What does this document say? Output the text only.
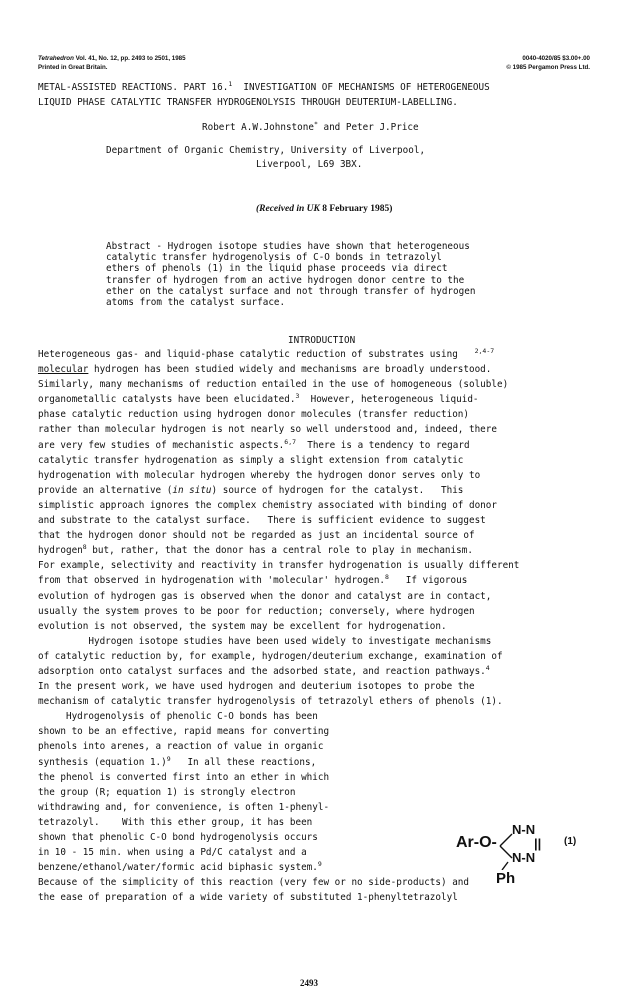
Tetrahedron Vol. 41, No. 12, pp. 2493 to 2501, 1985
Printed in Great Britain.
0040-4020/85 $3.00+.00
© 1985 Pergamon Press Ltd.
METAL-ASSISTED REACTIONS. PART 16.$^1$  INVESTIGATION OF MECHANISMS OF HETEROGENEOUS
LIQUID PHASE CATALYTIC TRANSFER HYDROGENOLYSIS THROUGH DEUTERIUM-LABELLING.
Robert A.W.Johnstone* and Peter J.Price
Department of Organic Chemistry, University of Liverpool,
Liverpool, L69 3BX.
(Received in UK 8 February 1985)
Abstract - Hydrogen isotope studies have shown that heterogeneous
catalytic transfer hydrogenolysis of C-O bonds in tetrazolyl
ethers of phenols (1) in the liquid phase proceeds via direct
transfer of hydrogen from an active hydrogen donor centre to the
ether on the catalyst surface and not through transfer of hydrogen
atoms from the catalyst surface.
INTRODUCTION
Heterogeneous gas- and liquid-phase catalytic reduction of substrates using	$^{2,4-7}$
molecular hydrogen has been studied widely and mechanisms are broadly understood.
Similarly, many mechanisms of reduction entailed in the use of homogeneous (soluble)
organometallic catalysts have been elucidated.$^3$  However, heterogeneous liquid-
phase catalytic reduction using hydrogen donor molecules (transfer reduction)
rather than molecular hydrogen is not nearly so well understood and, indeed, there
are very few studies of mechanistic aspects.$^{6,7}$  There is a tendency to regard
catalytic transfer hydrogenation as simply a slight extension from catalytic
hydrogenation with molecular hydrogen whereby the hydrogen donor serves only to
provide an alternative (in situ) source of hydrogen for the catalyst.   This
simplistic approach ignores the complex chemistry associated with binding of donor
and substrate to the catalyst surface.   There is sufficient evidence to suggest
that the hydrogen donor should not be regarded as just an incidental source of
hydrogen$^8$ but, rather, that the donor has a central role to play in mechanism.
For example, selectivity and reactivity in transfer hydrogenation is usually different
from that observed in hydrogenation with 'molecular' hydrogen.$^8$   If vigorous
evolution of hydrogen gas is observed when the donor and catalyst are in contact,
usually the system proves to be poor for reduction; conversely, where hydrogen
evolution is not observed, the system may be excellent for hydrogenation.
Hydrogen isotope studies have been used widely to investigate mechanisms
of catalytic reduction by, for example, hydrogen/deuterium exchange, examination of
adsorption onto catalyst surfaces and the adsorbed state, and reaction pathways.$^4$
In the present work, we have used hydrogen and deuterium isotopes to probe the
mechanism of catalytic transfer hydrogenolysis of tetrazolyl ethers of phenols (1).
Hydrogenolysis of phenolic C-O bonds has been
shown to be an effective, rapid means for converting
phenols into arenes, a reaction of value in organic
synthesis (equation 1.)$^9$   In all these reactions,
the phenol is converted first into an ether in which
the group (R; equation 1) is strongly electron
withdrawing and, for convenience, is often 1-phenyl-
tetrazolyl.    With this ether group, it has been
shown that phenolic C-O bond hydrogenolysis occurs
in 10 - 15 min. when using a Pd/C catalyst and a
benzene/ethanol/water/formic acid biphasic system.$^9$
Because of the simplicity of this reaction (very few or no side-products) and
the ease of preparation of a wide variety of substituted 1-phenyltetrazolyl
Ar-O-
N-N
||
N-N
Ph
(1)
2493
